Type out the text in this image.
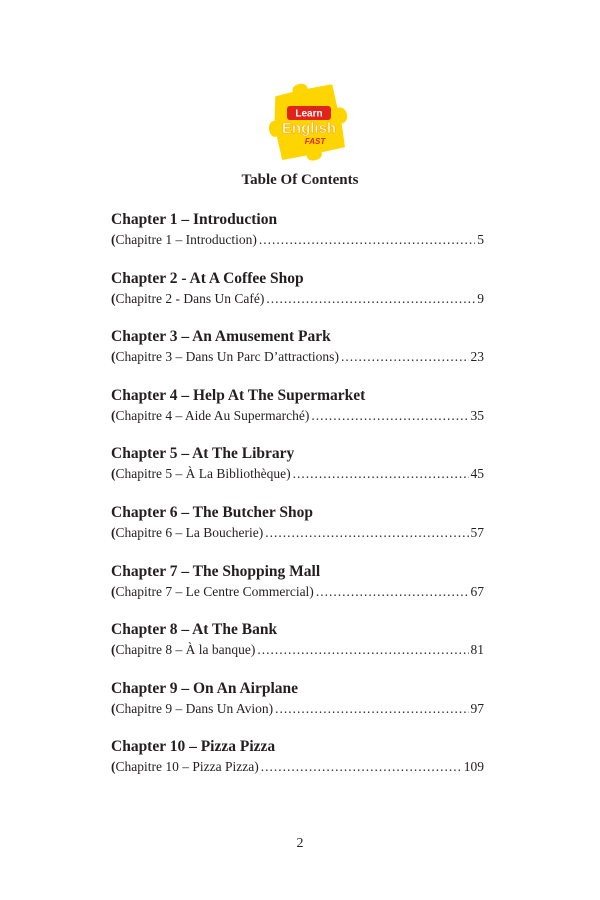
Learn
English
FAST
Table Of Contents
Chapter 1 – Introduction
( Chapitre 1 – Introduction) .....	5
Chapter 2 - At A Coffee Shop
( Chapitre 2 - Dans Un Café) .....	9
Chapter 3 – An Amusement Park
( Chapitre 3 – Dans Un Parc D’attractions) .....	23
Chapter 4 – Help At The Supermarket
( Chapitre 4 – Aide Au Supermarché) .....	35
Chapter 5 – At The Library
( Chapitre 5 – À La Bibliothèque) .....	45
Chapter 6 – The Butcher Shop
( Chapitre 6 – La Boucherie) .....	57
Chapter 7 – The Shopping Mall
( Chapitre 7 – Le Centre Commercial) .....	67
Chapter 8 – At The Bank
( Chapitre 8 – À la banque) .....	81
Chapter 9 – On An Airplane
( Chapitre 9 – Dans Un Avion) .....	97
Chapter 10 – Pizza Pizza
( Chapitre 10 – Pizza Pizza) .....	109
2
